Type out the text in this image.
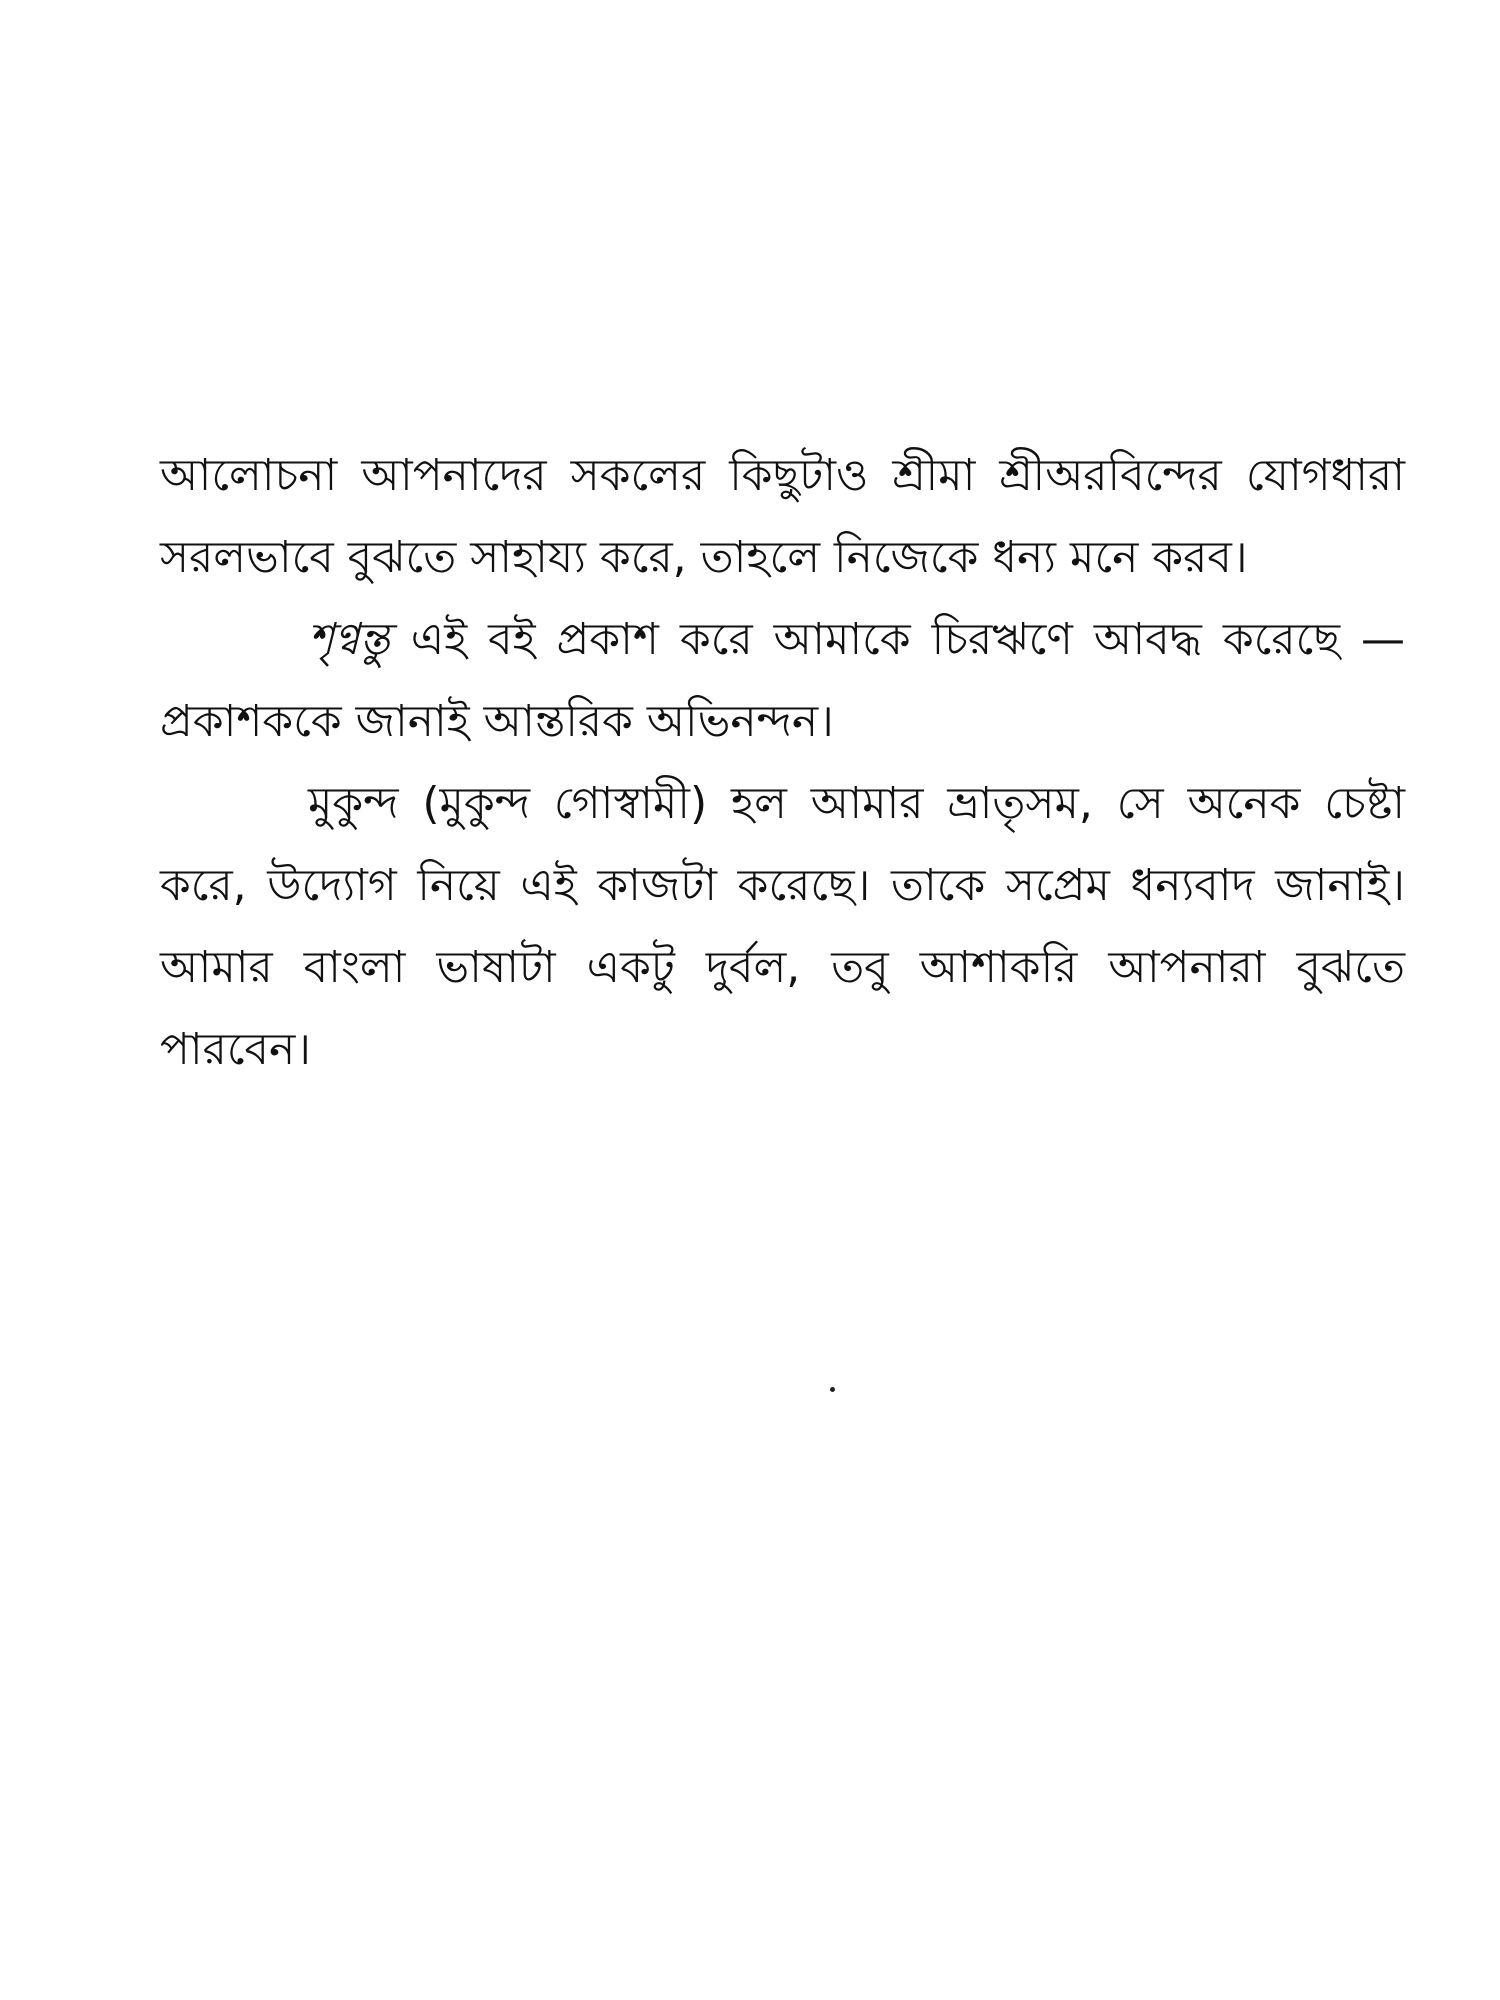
আলোচনা আপনাদের সকলের কিছুটাও শ্রীমা শ্রীঅরবিন্দের যোগধারা সরলভাবে বুঝতে সাহায্য করে, তাহলে নিজেকে ধন্য মনে করব।

শৃণ্বন্তু এই বই প্রকাশ করে আমাকে চিরঋণে আবদ্ধ করেছে — প্রকাশককে জানাই আন্তরিক অভিনন্দন।

মুকুন্দ (মুকুন্দ গোস্বামী) হল আমার ভ্রাতৃসম, সে অনেক চেষ্টা করে, উদ্যোগ নিয়ে এই কাজটা করেছে। তাকে সপ্রেম ধন্যবাদ জানাই। আমার বাংলা ভাষাটা একটু দুর্বল, তবু আশাকরি আপনারা বুঝতে পারবেন।
